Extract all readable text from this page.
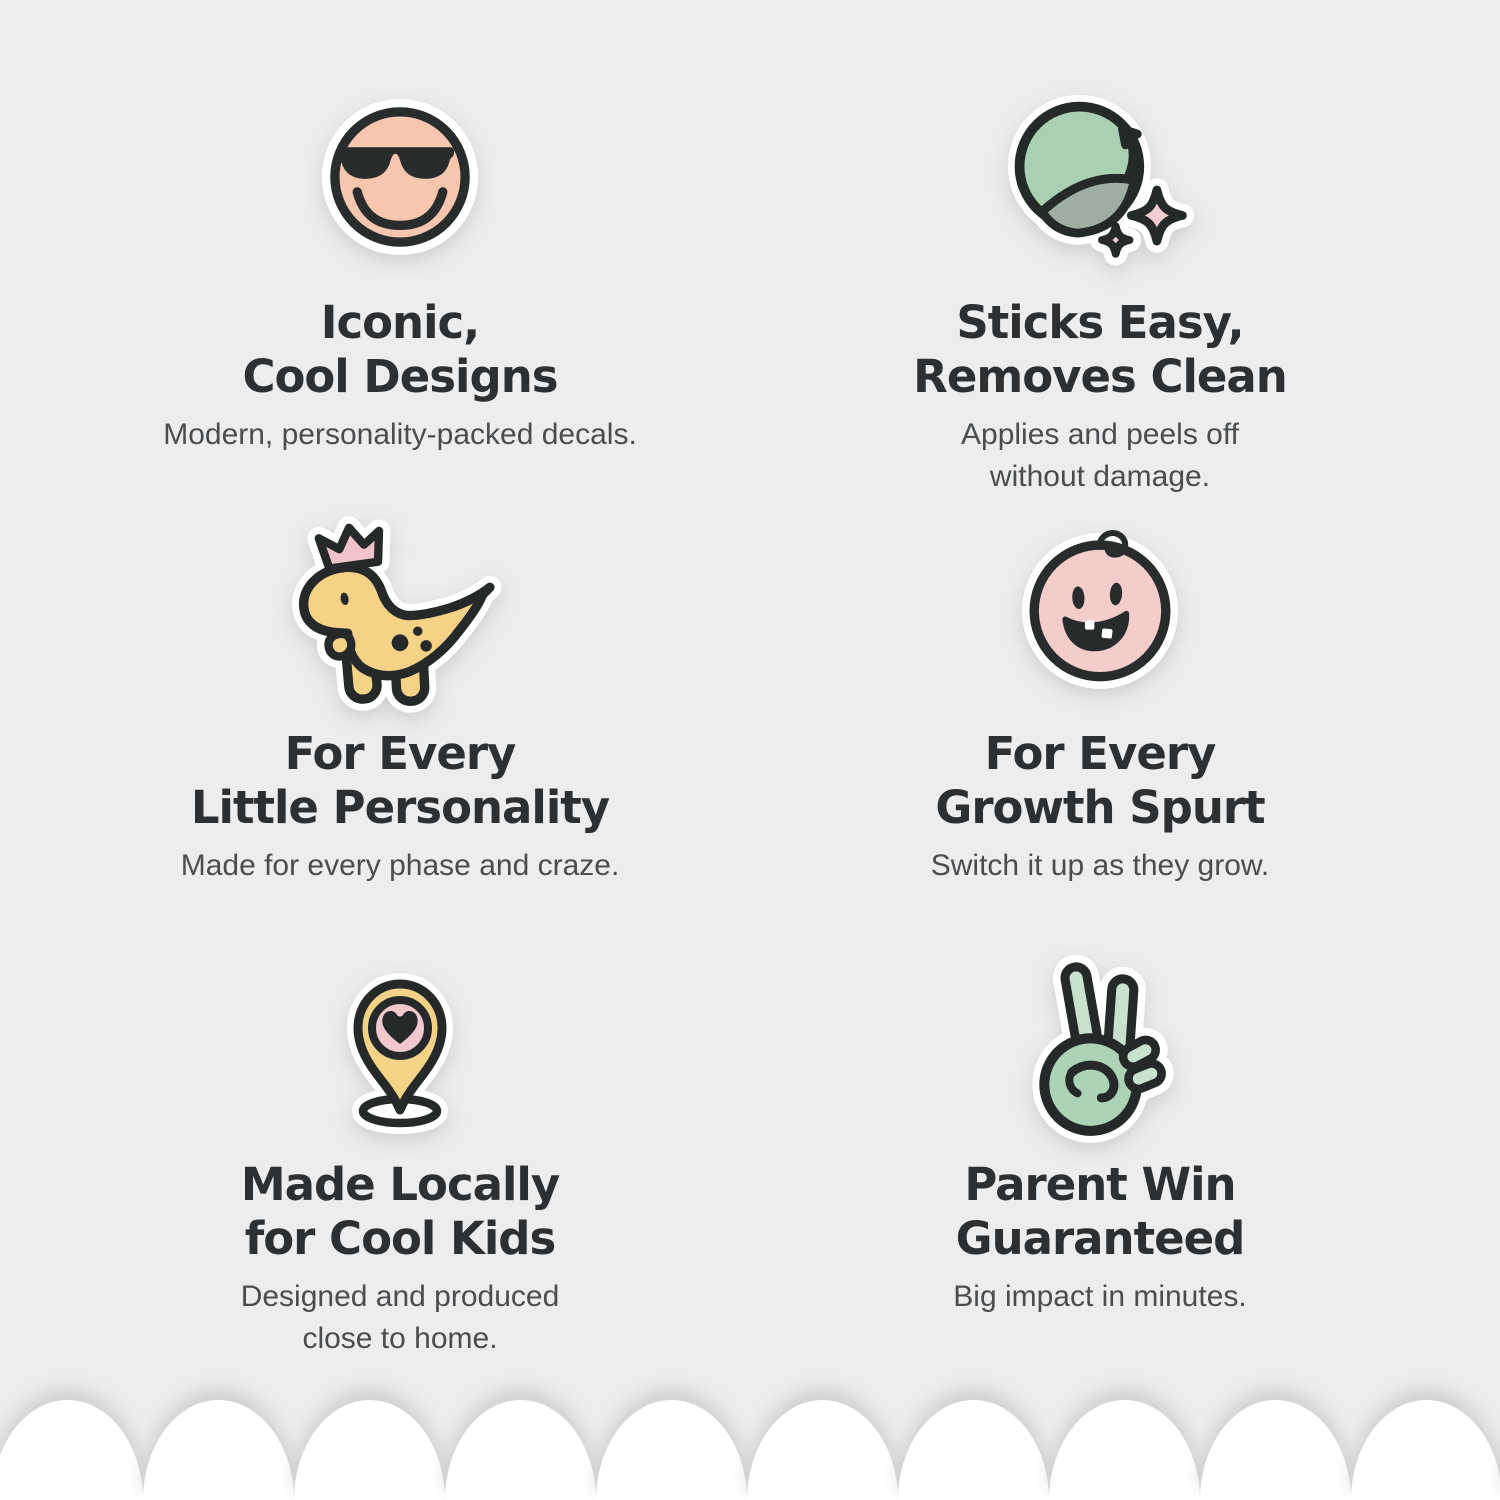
Iconic,
Cool Designs
Modern, personality-packed decals.
Sticks Easy,
Removes Clean
Applies and peels off
without damage.
For Every
Little Personality
Made for every phase and craze.
For Every
Growth Spurt
Switch it up as they grow.
Made Locally
for Cool Kids
Designed and produced
close to home.
Parent Win
Guaranteed
Big impact in minutes.
